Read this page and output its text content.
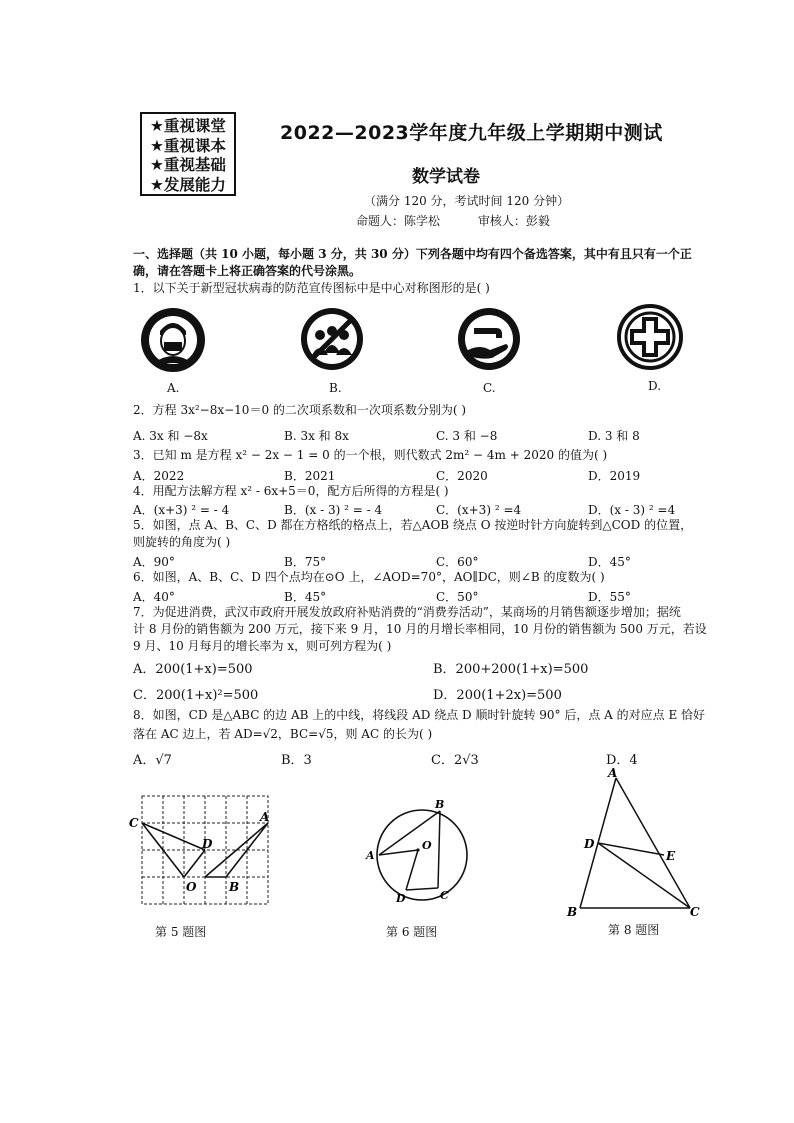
★重视课堂
★重视课本
★重视基础
★发展能力
2022—2023学年度九年级上学期期中测试
数学试卷
（满分 120 分，考试时间 120 分钟）
命题人：陈学松	审核人：彭毅
一、选择题（共 10 小题，每小题 3 分，共 30 分）下列各题中均有四个备选答案，其中有且只有一个正
确，请在答题卡上将正确答案的代号涂黑。
1．以下关于新型冠状病毒的防范宣传图标中是中心对称图形的是( )
A.	B.	C.	D.
2．方程 3x²−8x−10＝0 的二次项系数和一次项系数分别为( )
A. 3x 和 −8x	B. 3x 和 8x	C. 3 和 −8	D. 3 和 8
3．已知 m 是方程 x² − 2x − 1 = 0 的一个根，则代数式 2m² − 4m + 2020 的值为( )
A．2022	B．2021	C．2020	D．2019
4．用配方法解方程 x² - 6x+5＝0，配方后所得的方程是( )
A．(x+3) ² = - 4	B．(x - 3) ² = - 4	C．(x+3) ² =4	D．(x - 3) ² =4
5．如图，点 A、B、C、D 都在方格纸的格点上，若△AOB 绕点 O 按逆时针方向旋转到△COD 的位置，
则旋转的角度为( )
A．90°	B．75°	C．60°	D．45°
6．如图，A、B、C、D 四个点均在⊙O 上，∠AOD=70°，AO∥DC，则∠B 的度数为( )
A．40°	B．45°	C．50°	D．55°
7．为促进消费，武汉市政府开展发放政府补贴消费的“消费券活动”，某商场的月销售额逐步增加；据统
计 8 月份的销售额为 200 万元，接下来 9 月，10 月的月增长率相同，10 月份的销售额为 500 万元，若设
9 月、10 月每月的增长率为 x，则可列方程为( )
A．200(1+x)=500	B．200+200(1+x)=500
C．200(1+x)²=500	D．200(1+2x)=500
8．如图，CD 是△ABC 的边 AB 上的中线，将线段 AD 绕点 D 顺时针旋转 90° 后，点 A 的对应点 E 恰好
落在 AC 边上，若 AD=√2，BC=√5，则 AC 的长为( )
A．√7	B．3	C．2√3	D．4
C	A
D
O	B
第 5 题图
B
A
O
D	C
第 6 题图
A
D
E
B	C
第 8 题图
